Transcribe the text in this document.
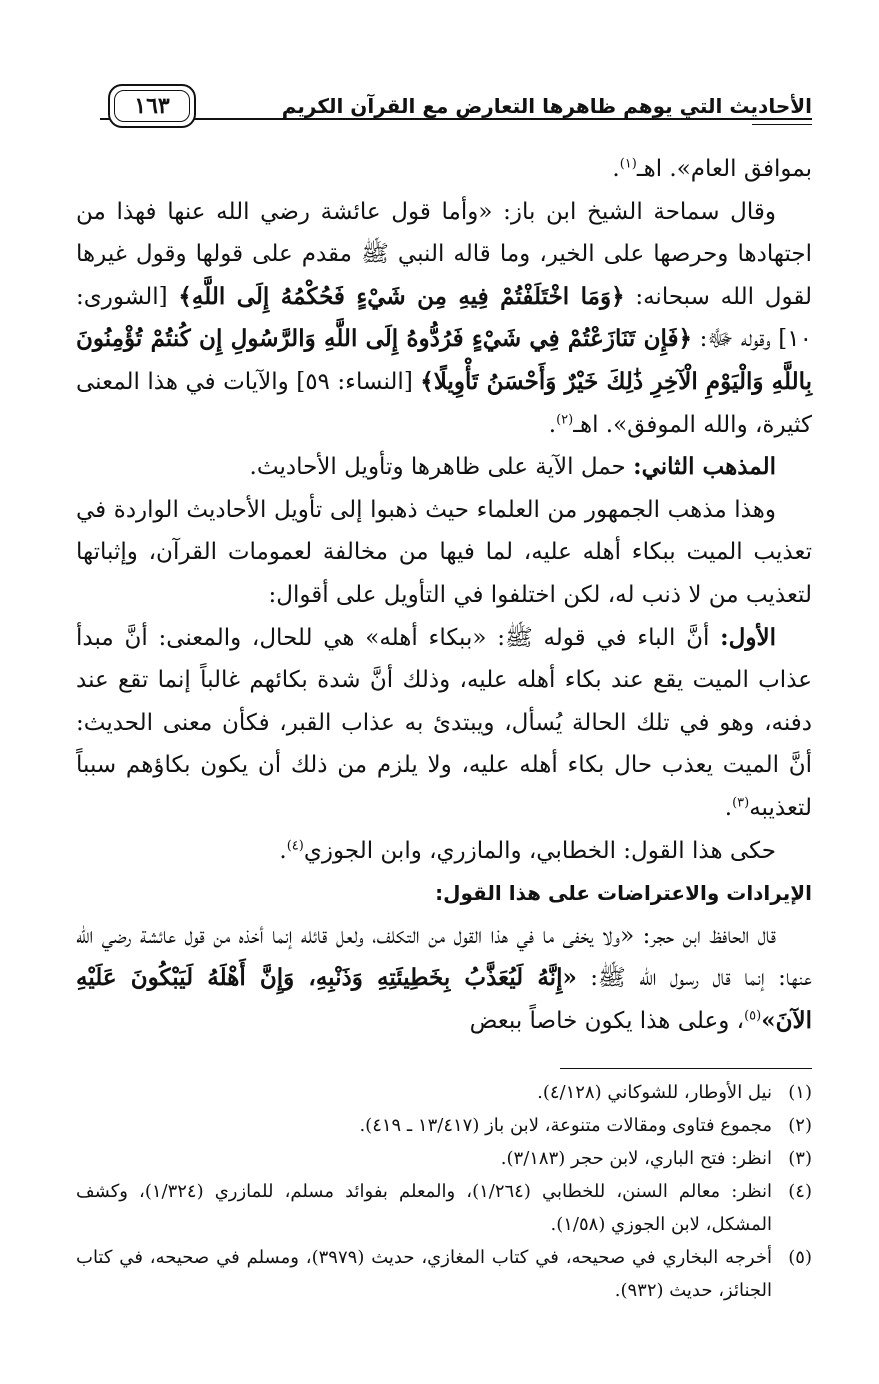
الأحاديث التي يوهم ظاهرها التعارض مع القرآن الكريم
١٦٣

بموافق العام». اهـ$^{(١)}$.

وقال سماحة الشيخ ابن باز: «وأما قول عائشة رضي الله عنها فهذا من اجتهادها وحرصها على الخير، وما قاله النبي ﷺ مقدم على قولها وقول غيرها لقول الله سبحانه: ﴿وَمَا اخْتَلَفْتُمْ فِيهِ مِن شَيْءٍ فَحُكْمُهُ إِلَى اللَّهِ﴾ [الشورى: ١٠] وقوله ﷻ: ﴿فَإِن تَنَازَعْتُمْ فِي شَيْءٍ فَرُدُّوهُ إِلَى اللَّهِ وَالرَّسُولِ إِن كُنتُمْ تُؤْمِنُونَ بِاللَّهِ وَالْيَوْمِ الْآخِرِ ذَٰلِكَ خَيْرٌ وَأَحْسَنُ تَأْوِيلًا﴾ [النساء: ٥٩] والآيات في هذا المعنى كثيرة، والله الموفق». اهـ$^{(٢)}$.

المذهب الثاني: حمل الآية على ظاهرها وتأويل الأحاديث.

وهذا مذهب الجمهور من العلماء حيث ذهبوا إلى تأويل الأحاديث الواردة في تعذيب الميت ببكاء أهله عليه، لما فيها من مخالفة لعمومات القرآن، وإثباتها لتعذيب من لا ذنب له، لكن اختلفوا في التأويل على أقوال:

الأول: أنَّ الباء في قوله ﷺ: «ببكاء أهله» هي للحال، والمعنى: أنَّ مبدأ عذاب الميت يقع عند بكاء أهله عليه، وذلك أنَّ شدة بكائهم غالباً إنما تقع عند دفنه، وهو في تلك الحالة يُسأل، ويبتدئ به عذاب القبر، فكأن معنى الحديث: أنَّ الميت يعذب حال بكاء أهله عليه، ولا يلزم من ذلك أن يكون بكاؤهم سبباً لتعذيبه$^{(٣)}$.

حكى هذا القول: الخطابي، والمازري، وابن الجوزي$^{(٤)}$.

الإيرادات والاعتراضات على هذا القول:

قال الحافظ ابن حجر: «ولا يخفى ما في هذا القول من التكلف، ولعل قائله إنما أخذه من قول عائشة رضي الله عنها: إنما قال رسول الله ﷺ: «إِنَّهُ لَيُعَذَّبُ بِخَطِيئَتِهِ وَذَنْبِهِ، وَإِنَّ أَهْلَهُ لَيَبْكُونَ عَلَيْهِ الآنَ»$^{(٥)}$، وعلى هذا يكون خاصاً ببعض

(١)
نيل الأوطار، للشوكاني (٤/١٢٨).

(٢)
مجموع فتاوى ومقالات متنوعة، لابن باز (١٣/٤١٧ ـ ٤١٩).

(٣)
انظر: فتح الباري، لابن حجر (٣/١٨٣).

(٤)
انظر: معالم السنن، للخطابي (١/٢٦٤)، والمعلم بفوائد مسلم، للمازري (١/٣٢٤)، وكشف المشكل، لابن الجوزي (١/٥٨).

(٥)
أخرجه البخاري في صحيحه، في كتاب المغازي، حديث (٣٩٧٩)، ومسلم في صحيحه، في كتاب الجنائز، حديث (٩٣٢).
